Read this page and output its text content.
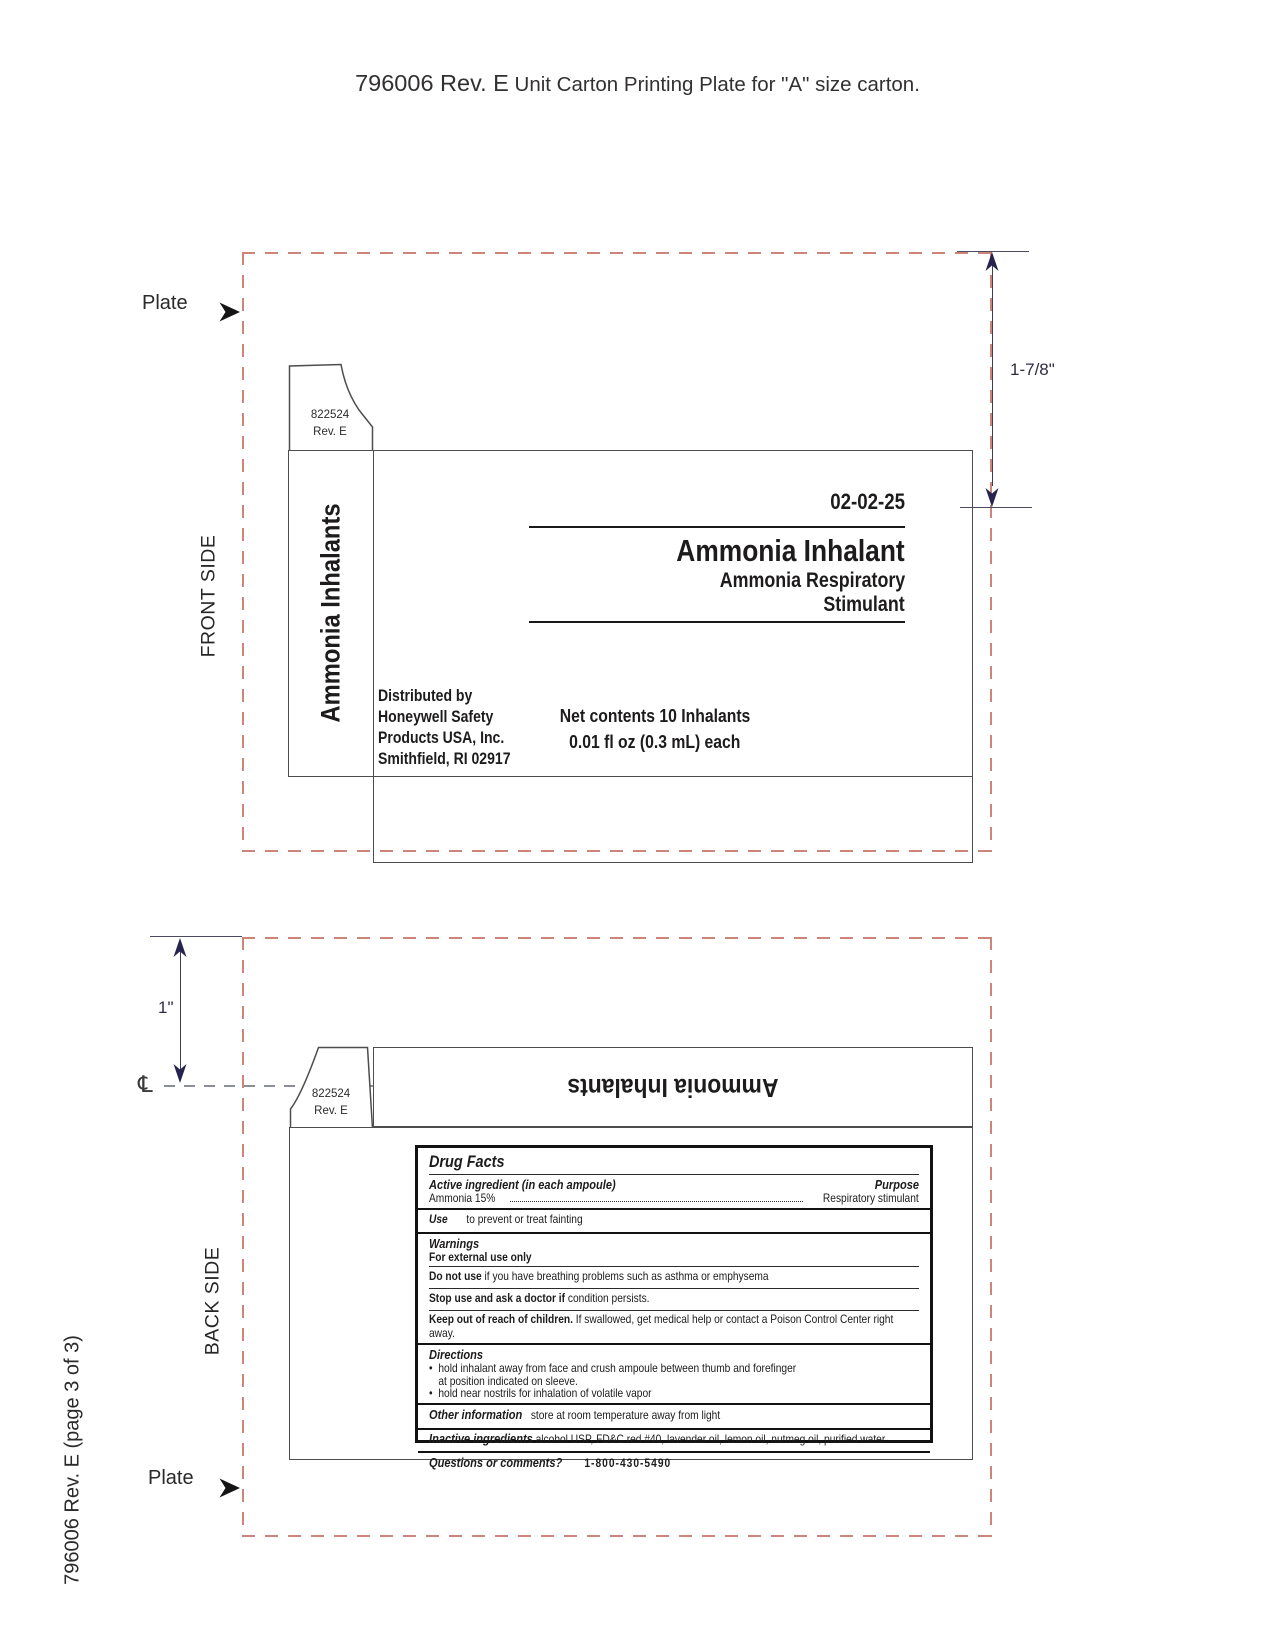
796006 Rev. E Unit Carton Printing Plate for "A" size carton.
Plate
FRONT SIDE
822524
Rev. E
Ammonia Inhalants
02-02-25
Ammonia Inhalant
Ammonia Respiratory
Stimulant
Distributed by
Honeywell Safety
Products USA, Inc.
Smithfield, RI 02917
Net contents 10 Inhalants
0.01 fl oz (0.3 mL) each
1-7/8"
BACK SIDE
Plate
1"
℄	822524
Rev. E
Ammonia Inhalants
Drug Facts
Active ingredient (in each ampoule)	Purpose
Ammonia 15%	Respiratory stimulant
Use to prevent or treat fainting
Warnings
For external use only
Do not use if you have breathing problems such as asthma or emphysema
Stop use and ask a doctor if condition persists.
Keep out of reach of children. If swallowed, get medical help or contact a Poison Control Center right away.
Directions
• hold inhalant away from face and crush ampoule between thumb and forefinger
at position indicated on sleeve.
• hold near nostrils for inhalation of volatile vapor
Other information store at room temperature away from light
Inactive ingredients alcohol USP, FD&C red #40, lavender oil, lemon oil, nutmeg oil, purified water
Questions or comments? 1-800-430-5490
796006 Rev. E (page 3 of 3)
